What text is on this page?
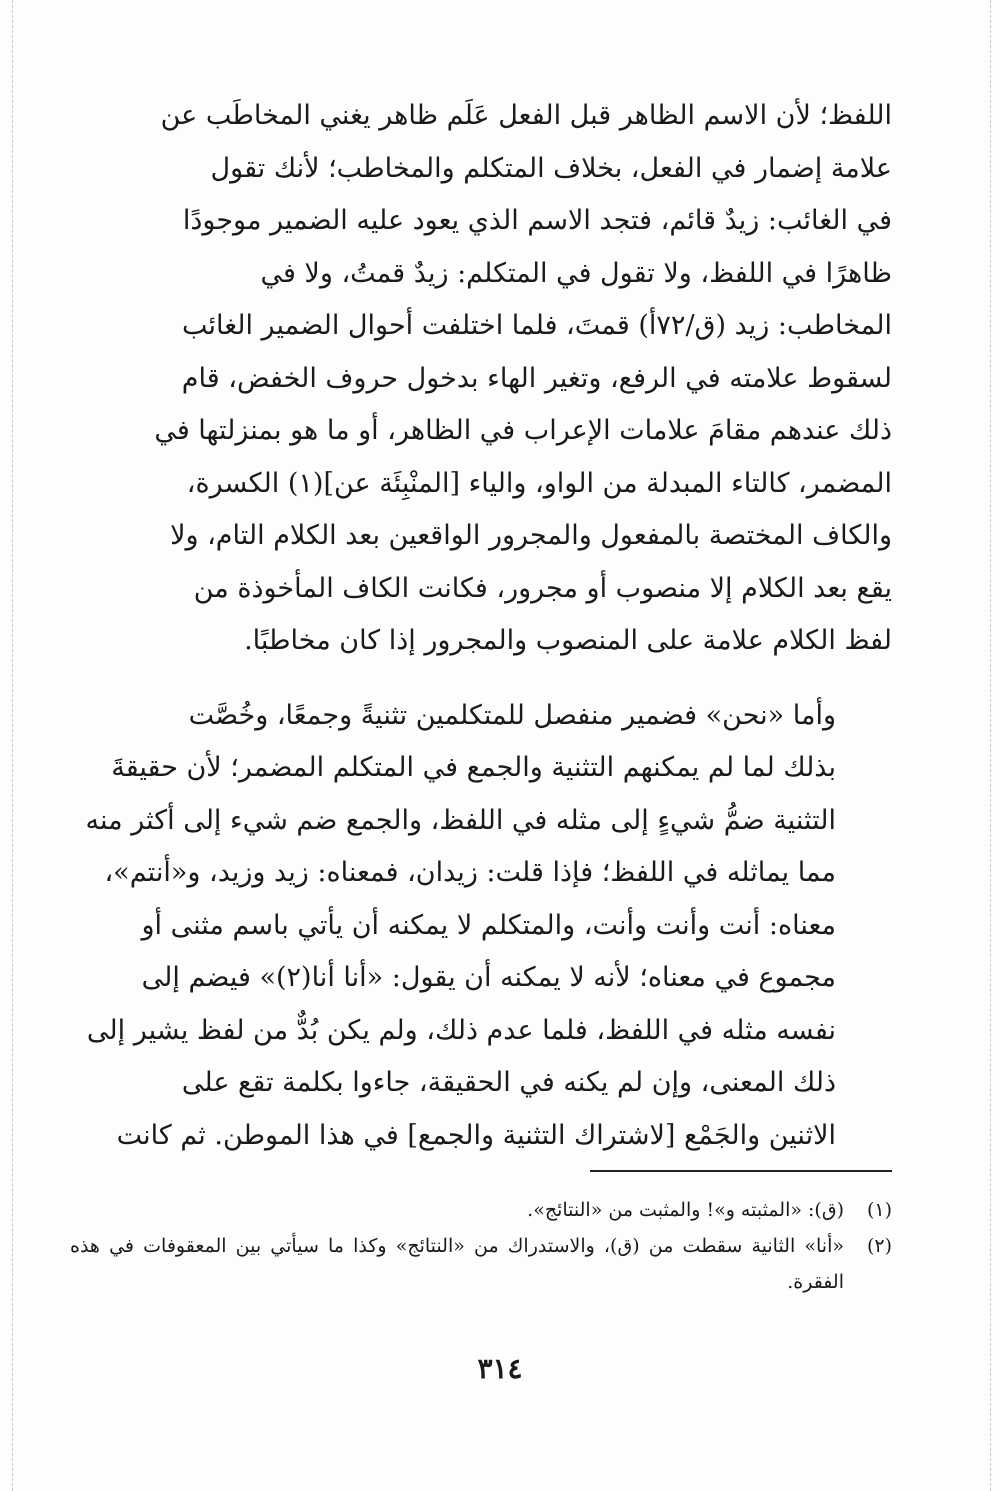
اللفظ؛ لأن الاسم الظاهر قبل الفعل عَلَم ظاهر يغني المخاطَب عن

علامة إضمار في الفعل، بخلاف المتكلم والمخاطب؛ لأنك تقول

في الغائب: زيدٌ قائم، فتجد الاسم الذي يعود عليه الضمير موجودًا

ظاهرًا في اللفظ، ولا تقول في المتكلم: زيدٌ قمتُ، ولا في

المخاطب: زيد (ق/٧٢أ) قمتَ، فلما اختلفت أحوال الضمير الغائب

لسقوط علامته في الرفع، وتغير الهاء بدخول حروف الخفض، قام

ذلك عندهم مقامَ علامات الإعراب في الظاهر، أو ما هو بمنزلتها في

المضمر، كالتاء المبدلة من الواو، والياء [المنْبِئَة عن](١) الكسرة،

والكاف المختصة بالمفعول والمجرور الواقعين بعد الكلام التام، ولا

يقع بعد الكلام إلا منصوب أو مجرور، فكانت الكاف المأخوذة من

لفظ الكلام علامة على المنصوب والمجرور إذا كان مخاطبًا.

وأما «نحن» فضمير منفصل للمتكلمين تثنيةً وجمعًا، وخُصَّت

بذلك لما لم يمكنهم التثنية والجمع في المتكلم المضمر؛ لأن حقيقةَ

التثنية ضمُّ شيءٍ إلى مثله في اللفظ، والجمع ضم شيء إلى أكثر منه

مما يماثله في اللفظ؛ فإذا قلت: زيدان، فمعناه: زيد وزيد، و«أنتم»،

معناه: أنت وأنت وأنت، والمتكلم لا يمكنه أن يأتي باسم مثنى أو

مجموع في معناه؛ لأنه لا يمكنه أن يقول: «أنا أنا(٢)» فيضم إلى

نفسه مثله في اللفظ، فلما عدم ذلك، ولم يكن بُدٌّ من لفظ يشير إلى

ذلك المعنى، وإن لم يكنه في الحقيقة، جاءوا بكلمة تقع على

الاثنين والجَمْع [لاشتراك التثنية والجمع] في هذا الموطن. ثم كانت

(١)
(ق): «المثبته و»! والمثبت من «النتائج».
(٢)
«أنا» الثانية سقطت من (ق)، والاستدراك من «النتائج» وكذا ما سيأتي بين المعقوفات في هذه الفقرة.
٣١٤
